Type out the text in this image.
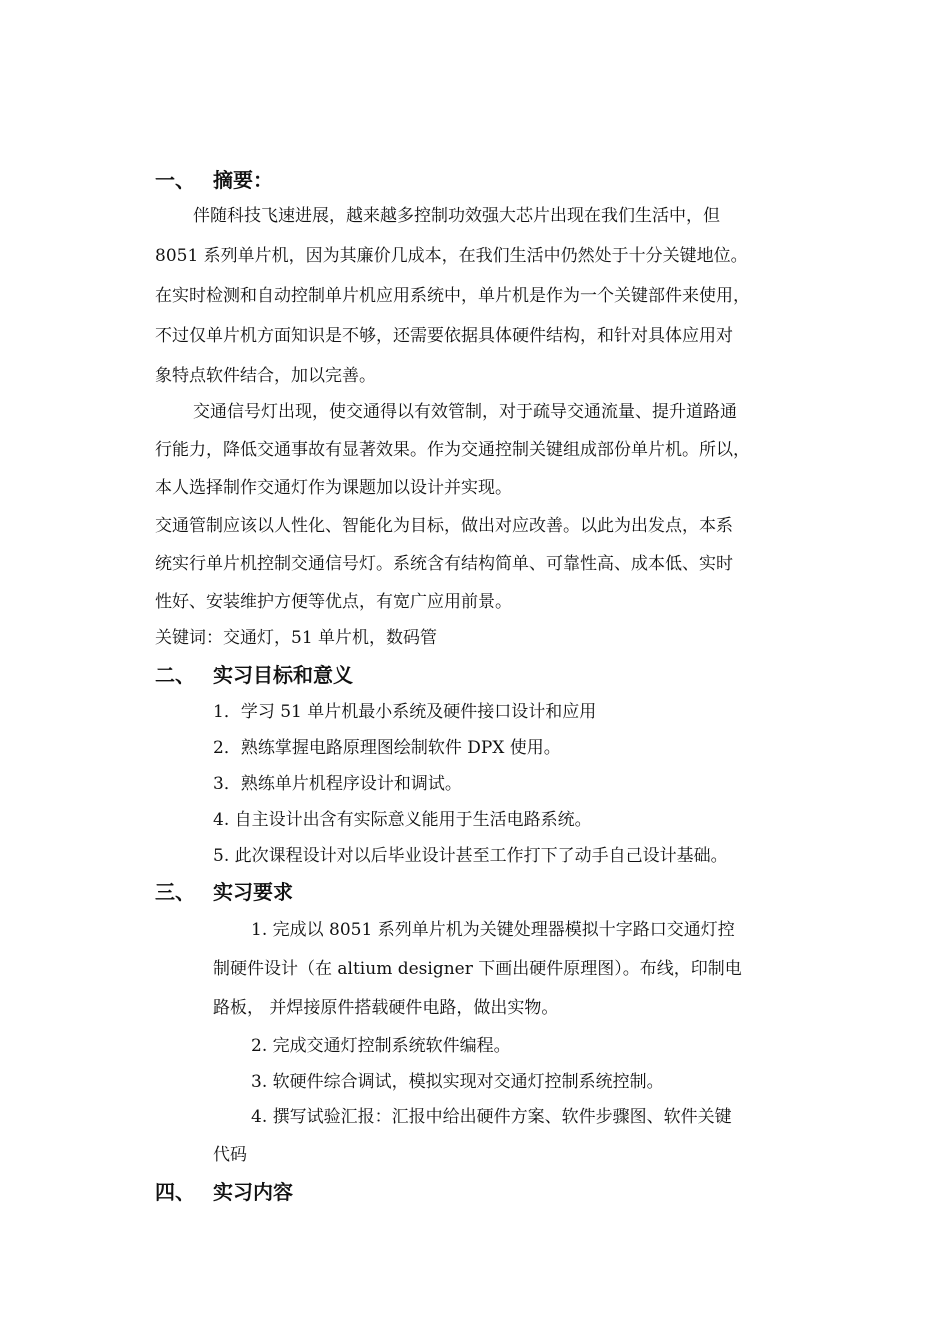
一、 摘要：
伴随科技飞速进展，越来越多控制功效强大芯片出现在我们生活中，但
8051 系列单片机，因为其廉价几成本，在我们生活中仍然处于十分关键地位。
在实时检测和自动控制单片机应用系统中，单片机是作为一个关键部件来使用，
不过仅单片机方面知识是不够，还需要依据具体硬件结构，和针对具体应用对
象特点软件结合，加以完善。
交通信号灯出现，使交通得以有效管制，对于疏导交通流量、提升道路通
行能力，降低交通事故有显著效果。作为交通控制关键组成部份单片机。所以，
本人选择制作交通灯作为课题加以设计并实现。
交通管制应该以人性化、智能化为目标，做出对应改善。以此为出发点，本系
统实行单片机控制交通信号灯。系统含有结构简单、可靠性高、成本低、实时
性好、安装维护方便等优点，有宽广应用前景。
关键词：交通灯，51 单片机，数码管
二、 实习目标和意义
1．学习 51 单片机最小系统及硬件接口设计和应用
2．熟练掌握电路原理图绘制软件 DPX 使用。
3．熟练单片机程序设计和调试。
4. 自主设计出含有实际意义能用于生活电路系统。
5. 此次课程设计对以后毕业设计甚至工作打下了动手自己设计基础。
三、 实习要求
1. 完成以 8051 系列单片机为关键处理器模拟十字路口交通灯控
制硬件设计（在 altium designer 下画出硬件原理图）。布线，印制电
路板， 并焊接原件搭载硬件电路，做出实物。
2. 完成交通灯控制系统软件编程。
3. 软硬件综合调试，模拟实现对交通灯控制系统控制。
4. 撰写试验汇报：汇报中给出硬件方案、软件步骤图、软件关键
代码
四、 实习内容
